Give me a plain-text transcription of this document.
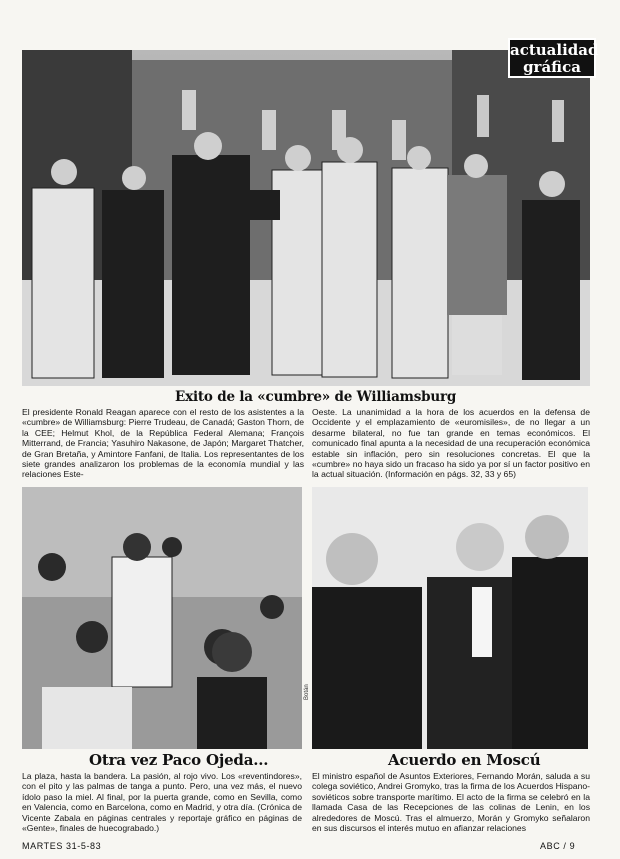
actualidad
gráfica
Exito de la «cumbre» de Williamsburg
El presidente Ronald Reagan aparece con el resto de los asistentes a la «cumbre» de Williamsburg: Pierre Trudeau, de Canadá; Gaston Thorn, de la CEE; Helmut Khol, de la República Federal Alemana; François Mitterrand, de Francia; Yasuhiro Nakasone, de Japón; Margaret Thatcher, de Gran Bretaña, y Amintore Fanfani, de Italia. Los representantes de los siete grandes analizaron los problemas de la economía mundial y las relaciones Este-
Oeste. La unanimidad a la hora de los acuerdos en la defensa de Occidente y el emplazamiento de «euromisiles», de no llegar a un desarme bilateral, no fue tan grande en temas económicos. El comunicado final apunta a la necesidad de una recuperación económica estable sin inflación, pero sin resoluciones concretas. El que la «cumbre» no haya sido un fracaso ha sido ya por sí un factor positivo en la actual situación. (Información en págs. 32, 33 y 65)
Botán
Otra vez Paco Ojeda...	Acuerdo en Moscú
La plaza, hasta la bandera. La pasión, al rojo vivo. Los «reventindores», con el pito y las palmas de tanga a punto. Pero, una vez más, el nuevo ídolo paso Ia miel. Al final, por Ia puerta grande, como en Sevilla, como en Valencia, como en Barcelona, como en Madrid, y otra día. (Crónica de Vicente Zabala en páginas centrales y reportaje gráfico en páginas de «Gente», finales de huecograbado.)
El ministro español de Asuntos Exteriores, Fernando Morán, saluda a su colega soviético, Andrei Gromyko, tras la firma de los Acuerdos Hispano-soviéticos sobre transporte marítimo. El acto de la firma se celebró en la llamada Casa de las Recepciones de las colinas de Lenin, en los alrededores de Moscú. Tras el almuerzo, Morán y Gromyko señalaron en sus discursos el interés mutuo en afianzar relaciones
MARTES 31-5-83	ABC / 9
